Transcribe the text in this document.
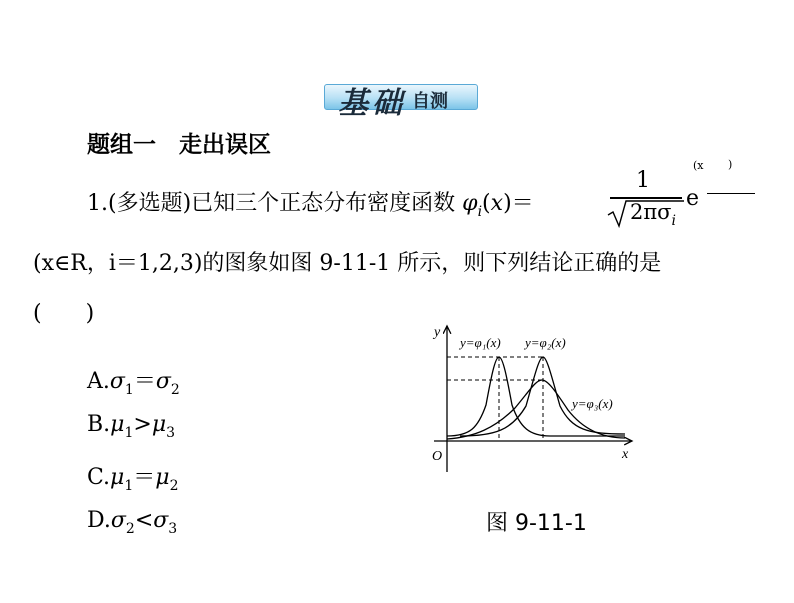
基 础 自测
题组一　走出误区
1.(多选题)已知三个正态分布密度函数 $\varphi_i(x)=$
1
$2\pi\sigma_i$
e
(x )
(x∈R，i＝1,2,3)的图象如图 9-11-1 所示，则下列结论正确的是
(　　)
$A.\sigma_1=\sigma_2$
$B.\mu_1>\mu_3$
$C.\mu_1=\mu_2$
$D.\sigma_2<\sigma_3$
y
x
O
y=φ₁(x) y=φ₂(x)
y=φ₃(x)
图 9-11-1
